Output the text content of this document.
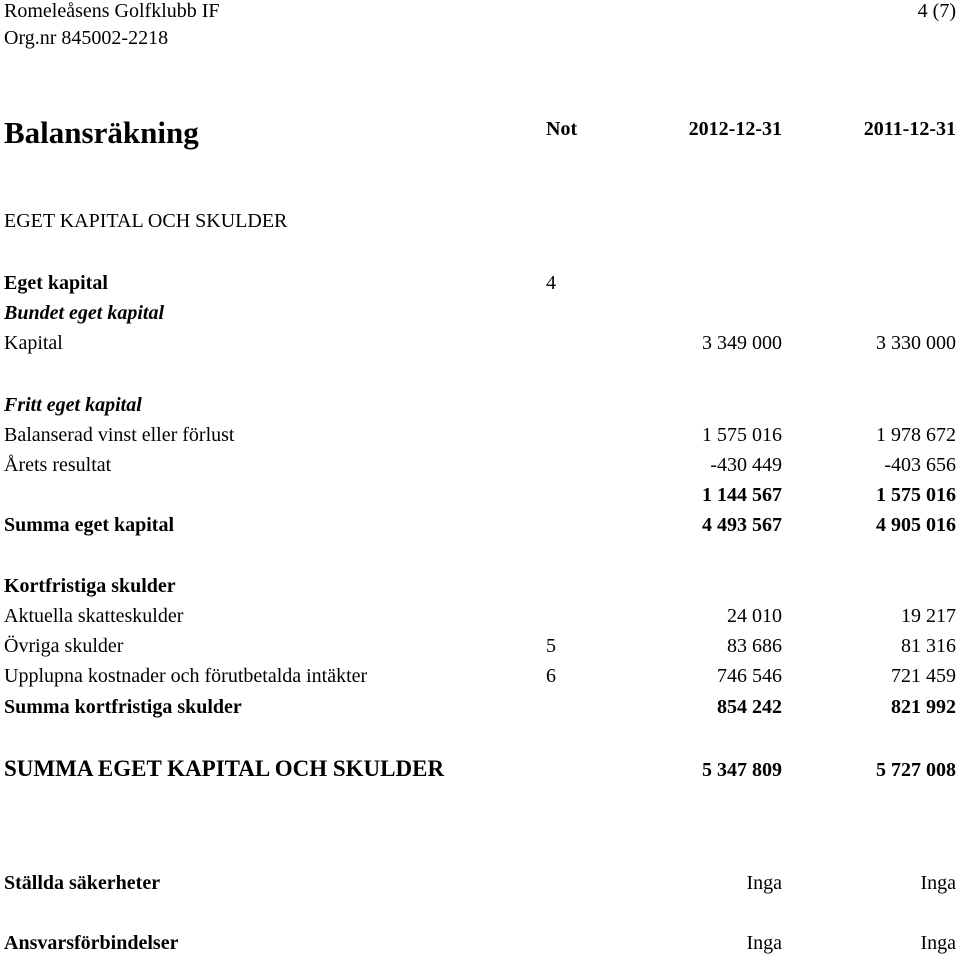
Romeleåsens Golfklubb IF
Org.nr 845002-2218
4 (7)
Balansräkning	Not	2012-12-31	2011-12-31
EGET KAPITAL OCH SKULDER
Eget kapital	4
Bundet eget kapital
Kapital	3 349 000	3 330 000
Fritt eget kapital
Balanserad vinst eller förlust	1 575 016	1 978 672
Årets resultat	-430 449	-403 656
1 144 567	1 575 016
Summa eget kapital	4 493 567	4 905 016
Kortfristiga skulder
Aktuella skatteskulder	24 010	19 217
Övriga skulder	5	83 686	81 316
Upplupna kostnader och förutbetalda intäkter	6	746 546	721 459
Summa kortfristiga skulder	854 242	821 992
SUMMA EGET KAPITAL OCH SKULDER	5 347 809	5 727 008
Ställda säkerheter	Inga	Inga
Ansvarsförbindelser	Inga	Inga
